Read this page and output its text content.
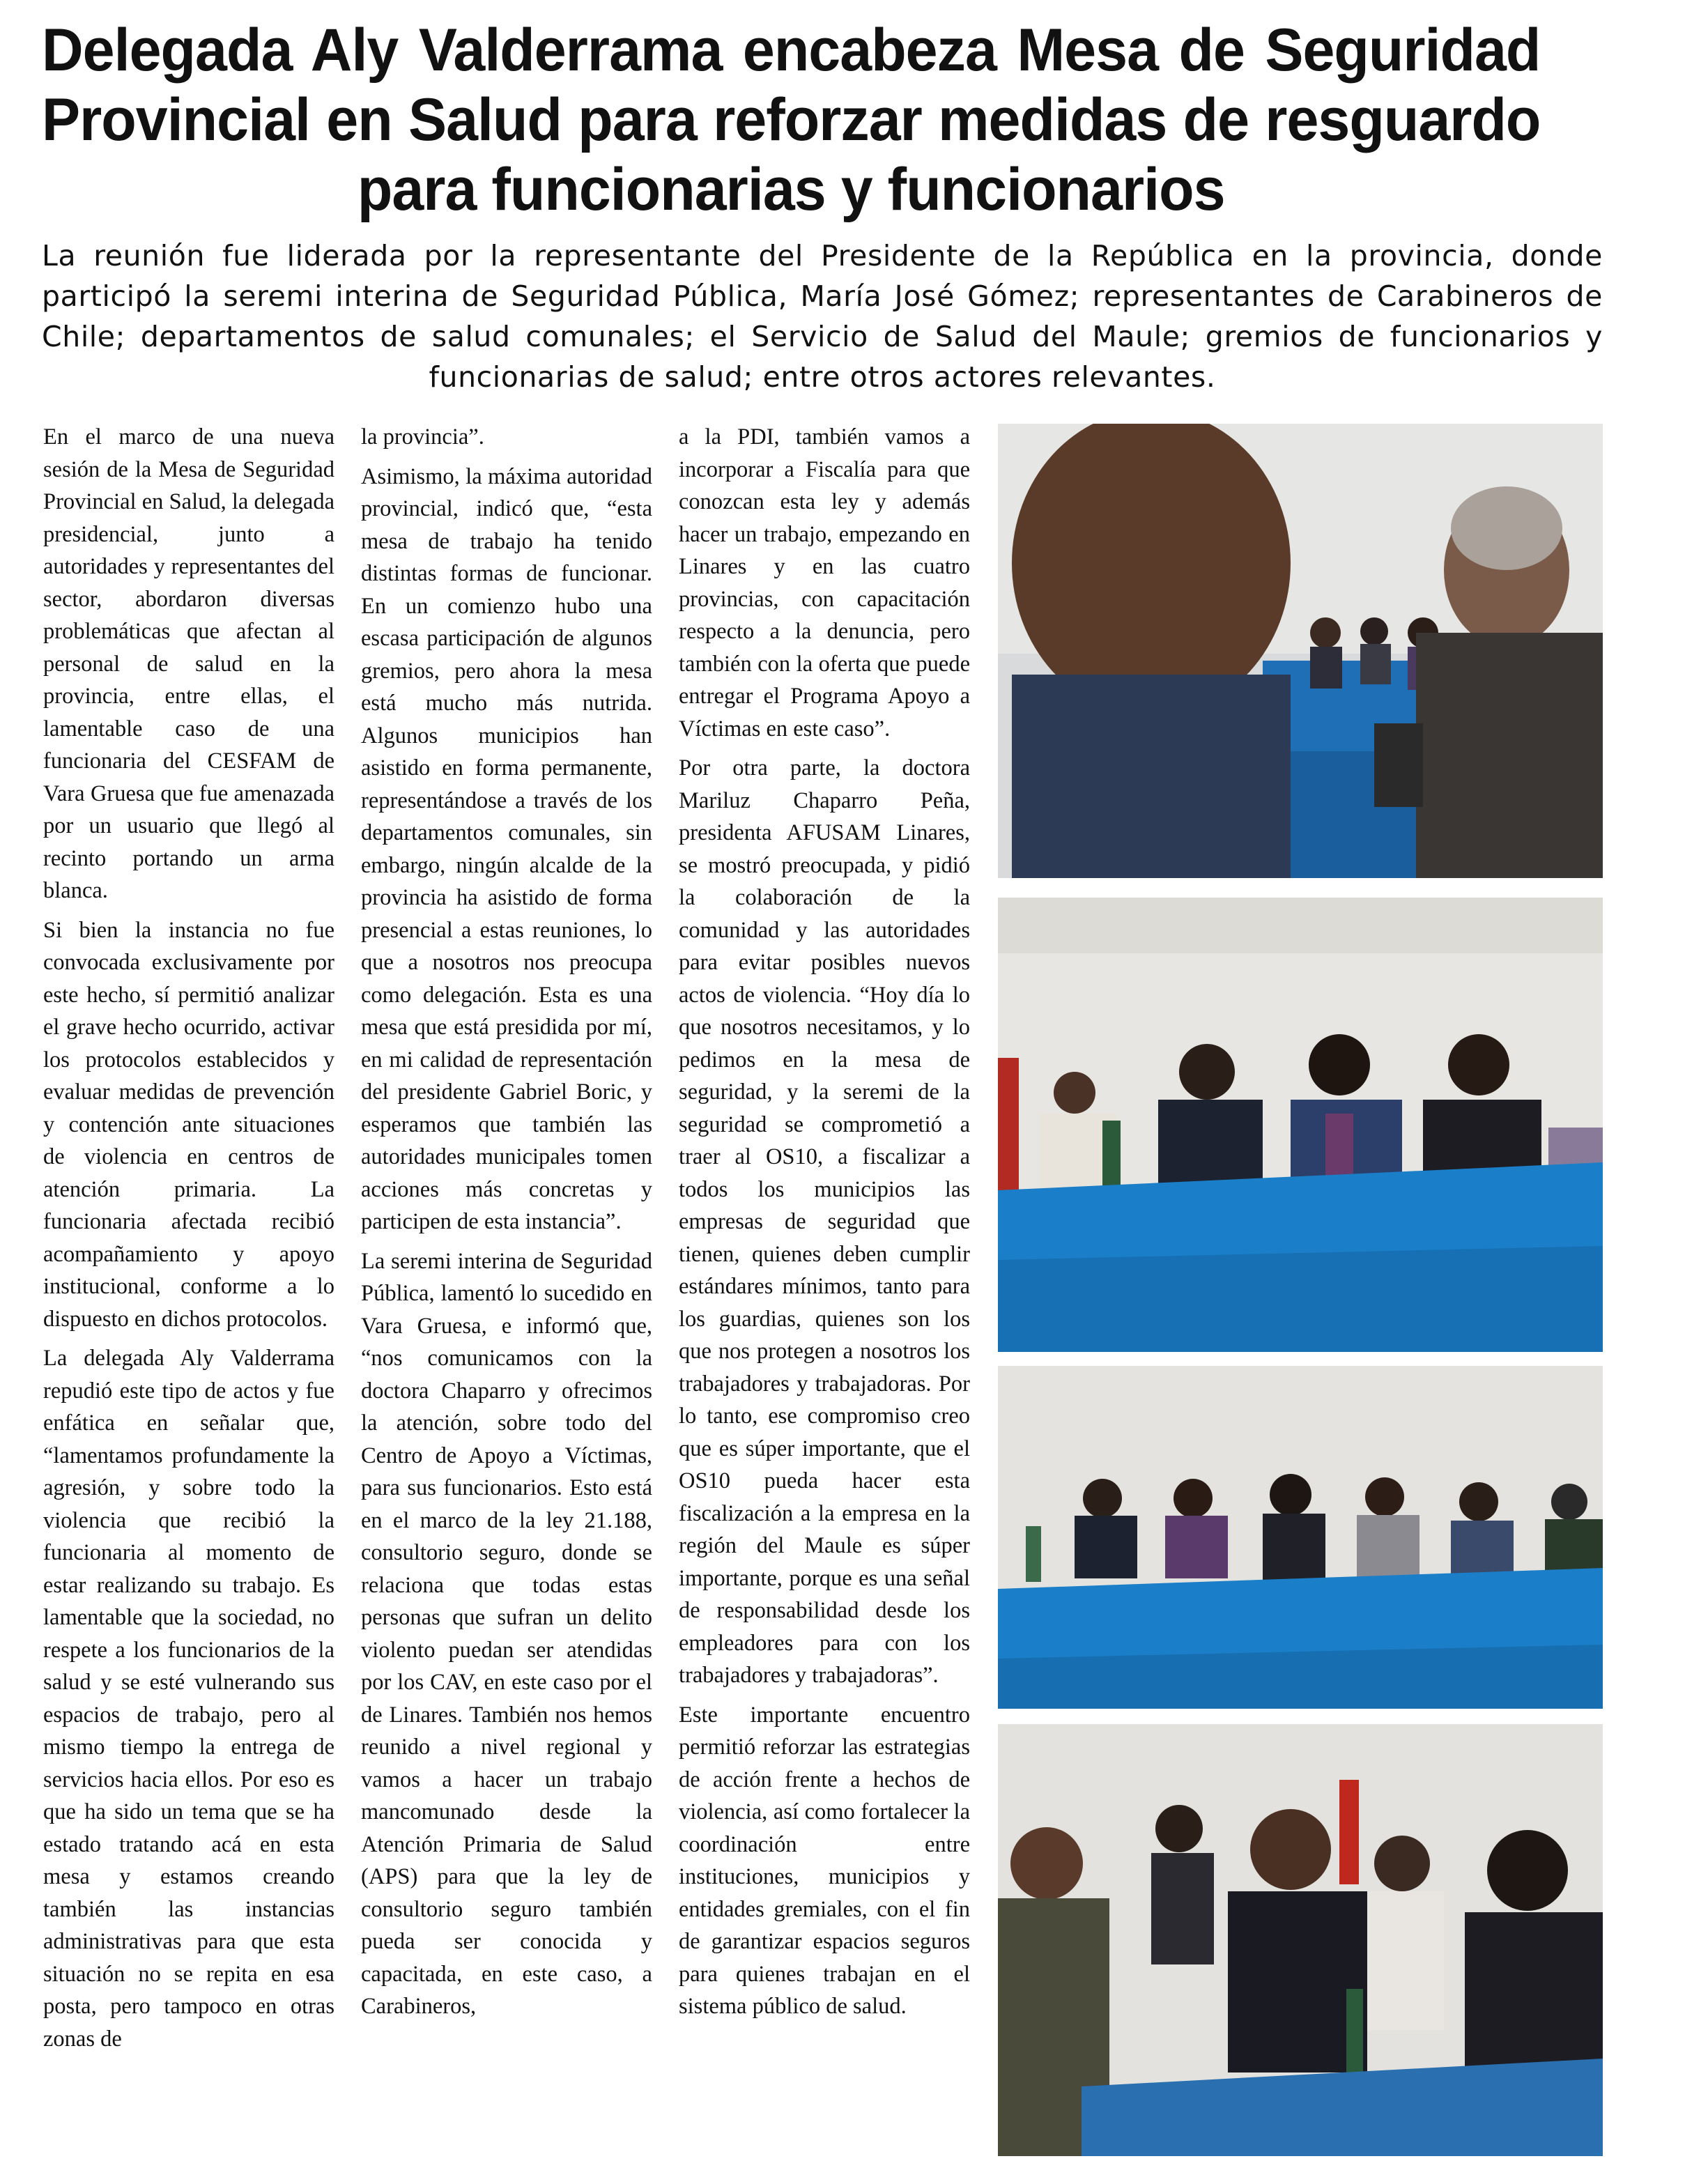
Delegada Aly Valderrama encabeza Mesa de Seguridad Provincial en Salud para reforzar medidas de resguardo para funcionarias y funcionarios

La reunión fue liderada por la representante del Presidente de la República en la provincia, donde participó la seremi interina de Seguridad Pública, María José Gómez; representantes de Carabineros de Chile; departamentos de salud comunales; el Servicio de Salud del Maule; gremios de funcionarios y funcionarias de salud; entre otros actores relevantes.

En el marco de una nueva sesión de la Mesa de Seguridad Provincial en Salud, la delegada presidencial, junto a autoridades y representantes del sector, abordaron diversas problemáticas que afectan al personal de salud en la provincia, entre ellas, el lamentable caso de una funcionaria del CESFAM de Vara Gruesa que fue amenazada por un usuario que llegó al recinto portando un arma blanca.

Si bien la instancia no fue convocada exclusivamente por este hecho, sí permitió analizar el grave hecho ocurrido, activar los protocolos establecidos y evaluar medidas de prevención y contención ante situaciones de violencia en centros de atención primaria. La funcionaria afectada recibió acompañamiento y apoyo institucional, conforme a lo dispuesto en dichos protocolos.

La delegada Aly Valderrama repudió este tipo de actos y fue enfática en señalar que, “lamentamos profundamente la agresión, y sobre todo la violencia que recibió la funcionaria al momento de estar realizando su trabajo. Es lamentable que la sociedad, no respete a los funcionarios de la salud y se esté vulnerando sus espacios de trabajo, pero al mismo tiempo la entrega de servicios hacia ellos. Por eso es que ha sido un tema que se ha estado tratando acá en esta mesa y estamos creando también las instancias administrativas para que esta situación no se repita en esa posta, pero tampoco en otras zonas de

la provincia”.

Asimismo, la máxima autoridad provincial, indicó que, “esta mesa de trabajo ha tenido distintas formas de funcionar. En un comienzo hubo una escasa participación de algunos gremios, pero ahora la mesa está mucho más nutrida. Algunos municipios han asistido en forma permanente, representándose a través de los departamentos comunales, sin embargo, ningún alcalde de la provincia ha asistido de forma presencial a estas reuniones, lo que a nosotros nos preocupa como delegación. Esta es una mesa que está presidida por mí, en mi calidad de representación del presidente Gabriel Boric, y esperamos que también las autoridades municipales tomen acciones más concretas y participen de esta instancia”.

La seremi interina de Seguridad Pública, lamentó lo sucedido en Vara Gruesa, e informó que, “nos comunicamos con la doctora Chaparro y ofrecimos la atención, sobre todo del Centro de Apoyo a Víctimas, para sus funcionarios. Esto está en el marco de la ley 21.188, consultorio seguro, donde se relaciona que todas estas personas que sufran un delito violento puedan ser atendidas por los CAV, en este caso por el de Linares. También nos hemos reunido a nivel regional y vamos a hacer un trabajo mancomunado desde la Atención Primaria de Salud (APS) para que la ley de consultorio seguro también pueda ser conocida y capacitada, en este caso, a Carabineros,

a la PDI, también vamos a incorporar a Fiscalía para que conozcan esta ley y además hacer un trabajo, empezando en Linares y en las cuatro provincias, con capacitación respecto a la denuncia, pero también con la oferta que puede entregar el Programa Apoyo a Víctimas en este caso”.

Por otra parte, la doctora Mariluz Chaparro Peña, presidenta AFUSAM Linares, se mostró preocupada, y pidió la colaboración de la comunidad y las autoridades para evitar posibles nuevos actos de violencia. “Hoy día lo que nosotros necesitamos, y lo pedimos en la mesa de seguridad, y la seremi de la seguridad se comprometió a traer al OS10, a fiscalizar a todos los municipios las empresas de seguridad que tienen, quienes deben cumplir estándares mínimos, tanto para los guardias, quienes son los que nos protegen a nosotros los trabajadores y trabajadoras. Por lo tanto, ese compromiso creo que es súper importante, que el OS10 pueda hacer esta fiscalización a la empresa en la región del Maule es súper importante, porque es una señal de responsabilidad desde los empleadores para con los trabajadores y trabajadoras”.

Este importante encuentro permitió reforzar las estrategias de acción frente a hechos de violencia, así como fortalecer la coordinación entre instituciones, municipios y entidades gremiales, con el fin de garantizar espacios seguros para quienes trabajan en el sistema público de salud.
